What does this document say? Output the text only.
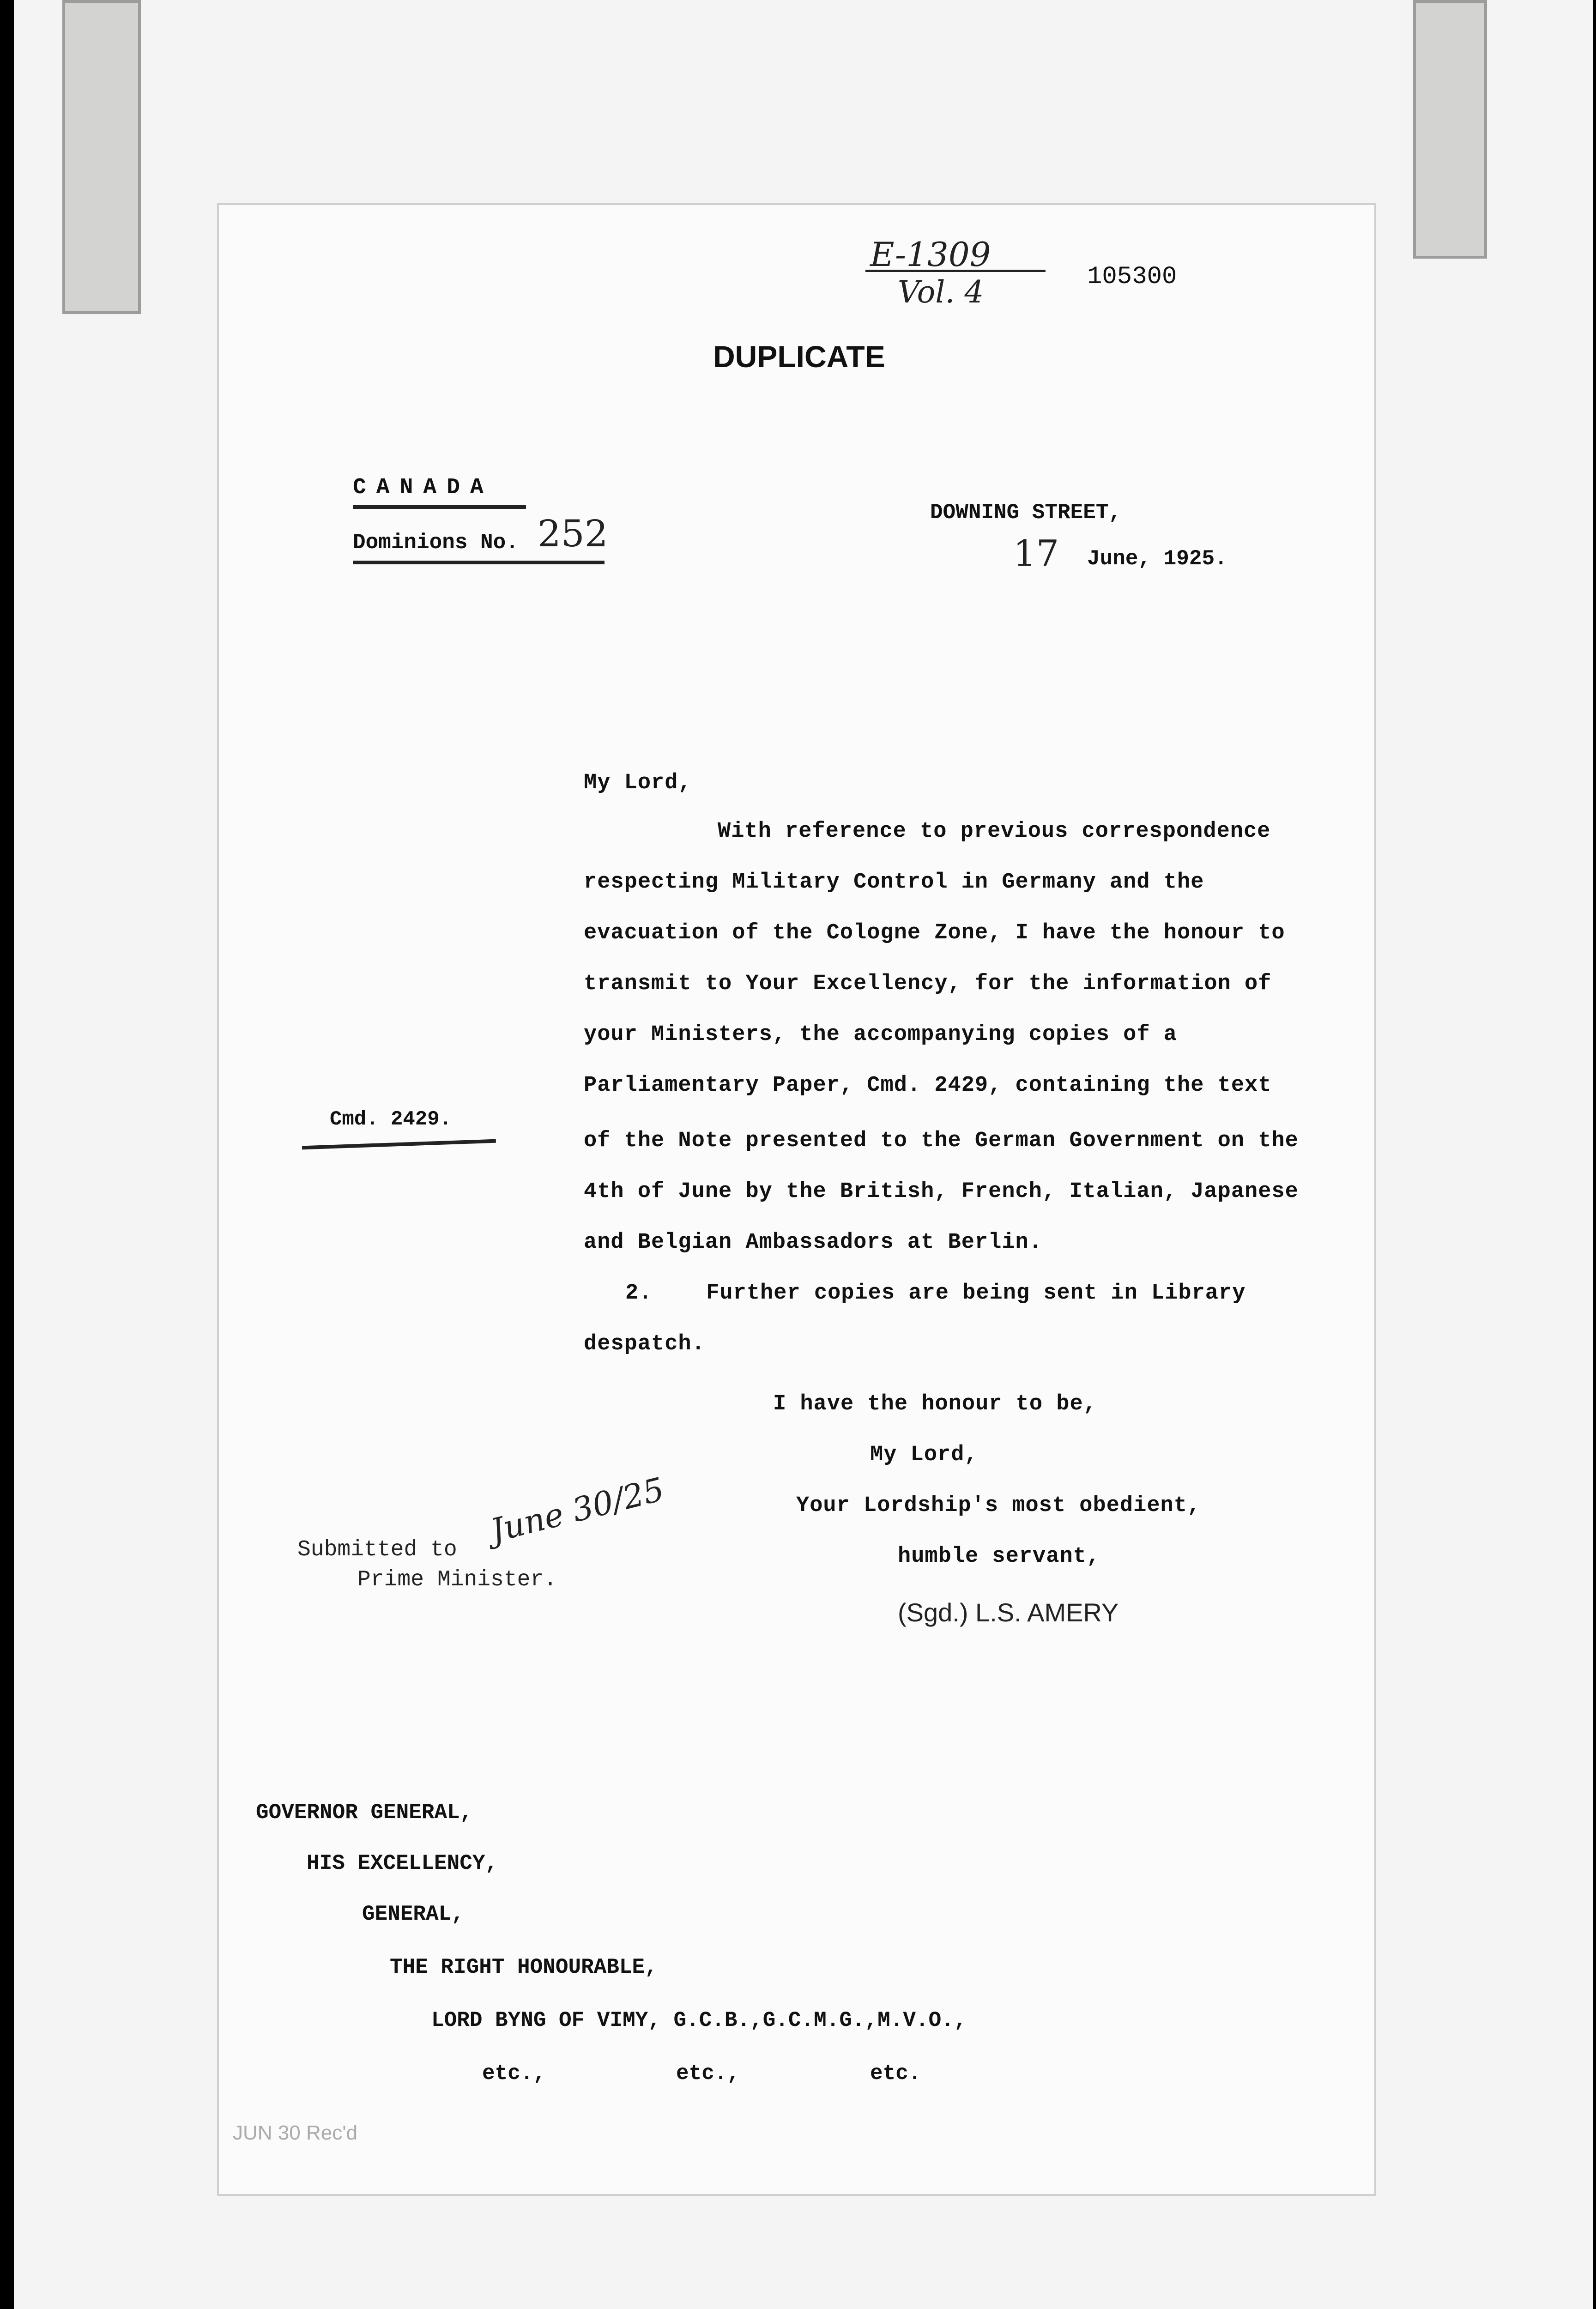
E-1309
Vol. 4	105300
DUPLICATE
CANADA
Dominions No. 252	DOWNING STREET,
17 June, 1925.
My Lord,
With reference to previous correspondence
respecting Military Control in Germany and the
evacuation of the Cologne Zone, I have the honour to
transmit to Your Excellency, for the information of
your Ministers, the accompanying copies of a
Parliamentary Paper, Cmd. 2429, containing the text
of the Note presented to the German Government on the
4th of June by the British, French, Italian, Japanese
and Belgian Ambassadors at Berlin.
2.    Further copies are being sent in Library
despatch.
Cmd. 2429.
I have the honour to be,
My Lord,
Your Lordship's most obedient,
humble servant,
(Sgd.) L.S. AMERY
Submitted to
Prime Minister.
June 30/25
GOVERNOR GENERAL,
HIS EXCELLENCY,
GENERAL,
THE RIGHT HONOURABLE,
LORD BYNG OF VIMY, G.C.B.,G.C.M.G.,M.V.O.,
etc.,	etc.,	etc.
JUN 30 Rec'd
